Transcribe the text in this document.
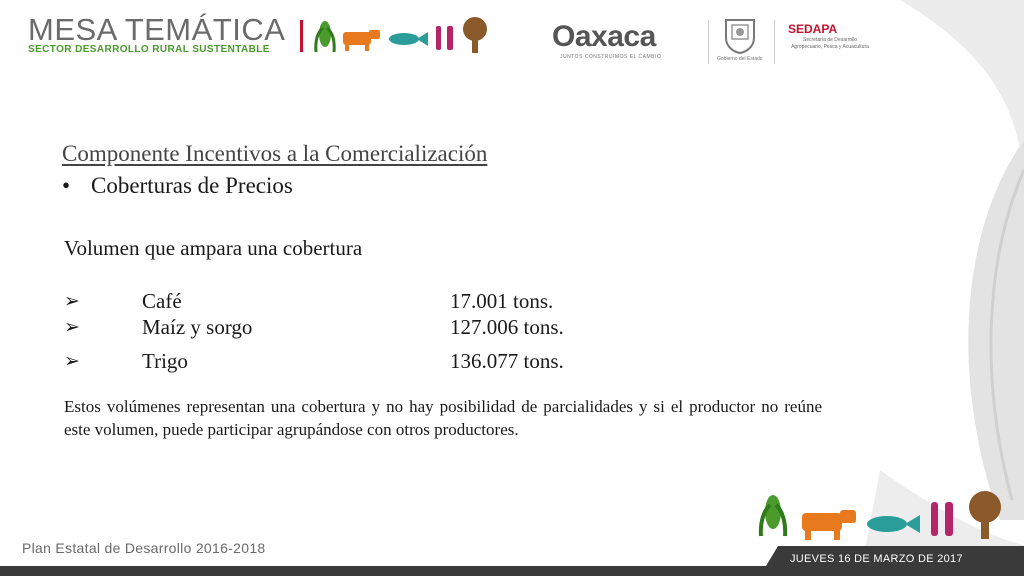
MESA TEMÁTICA
SECTOR DESARROLLO RURAL SUSTENTABLE	Oaxaca
JUNTOS CONSTRUIMOS EL CAMBIO	Gobierno del Estado
SEDAPA
Secretaría de Desarrollo Agropecuario, Pesca y Acuacultura
Componente Incentivos a la Comercialización
• Coberturas de Precios
Volumen que ampara una cobertura
➢	Café	17.001 tons.
➢	Maíz y sorgo	127.006 tons.
➢	Trigo	136.077 tons.
Estos volúmenes representan una cobertura y no hay posibilidad de parcialidades y si el productor no reúne este volumen, puede participar agrupándose con otros productores.
Plan Estatal de Desarrollo 2016-2018
JUEVES 16 DE MARZO DE 2017
